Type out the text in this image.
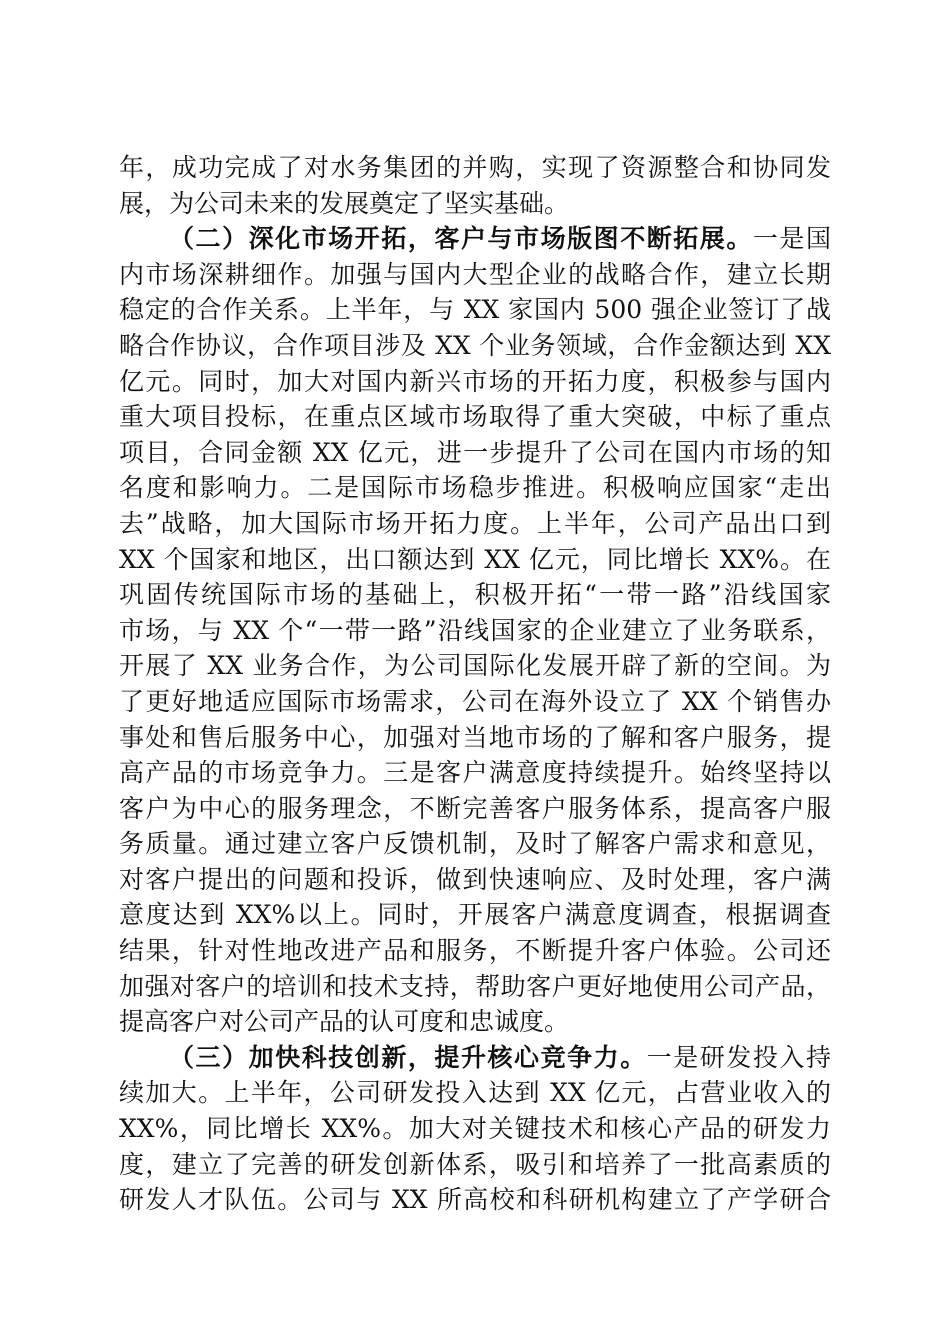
年，成功完成了对水务集团的并购，实现了资源整合和协同发
展，为公司未来的发展奠定了坚实基础。
（二）深化市场开拓，客户与市场版图不断拓展。一是国
内市场深耕细作。加强与国内大型企业的战略合作，建立长期
稳定的合作关系。上半年，与 XX 家国内 500 强企业签订了战
略合作协议，合作项目涉及 XX 个业务领域，合作金额达到 XX
亿元。同时，加大对国内新兴市场的开拓力度，积极参与国内
重大项目投标，在重点区域市场取得了重大突破，中标了重点
项目，合同金额 XX 亿元，进一步提升了公司在国内市场的知
名度和影响力。二是国际市场稳步推进。积极响应国家“走出
去”战略，加大国际市场开拓力度。上半年，公司产品出口到
XX 个国家和地区，出口额达到 XX 亿元，同比增长 XX%。在
巩固传统国际市场的基础上，积极开拓“一带一路”沿线国家
市场，与 XX 个“一带一路”沿线国家的企业建立了业务联系，
开展了 XX 业务合作，为公司国际化发展开辟了新的空间。为
了更好地适应国际市场需求，公司在海外设立了 XX 个销售办
事处和售后服务中心，加强对当地市场的了解和客户服务，提
高产品的市场竞争力。三是客户满意度持续提升。始终坚持以
客户为中心的服务理念，不断完善客户服务体系，提高客户服
务质量。通过建立客户反馈机制，及时了解客户需求和意见，
对客户提出的问题和投诉，做到快速响应、及时处理，客户满
意度达到 XX%以上。同时，开展客户满意度调查，根据调查
结果，针对性地改进产品和服务，不断提升客户体验。公司还
加强对客户的培训和技术支持，帮助客户更好地使用公司产品，
提高客户对公司产品的认可度和忠诚度。
（三）加快科技创新，提升核心竞争力。一是研发投入持
续加大。上半年，公司研发投入达到 XX 亿元，占营业收入的
XX%，同比增长 XX%。加大对关键技术和核心产品的研发力
度，建立了完善的研发创新体系，吸引和培养了一批高素质的
研发人才队伍。公司与 XX 所高校和科研机构建立了产学研合
